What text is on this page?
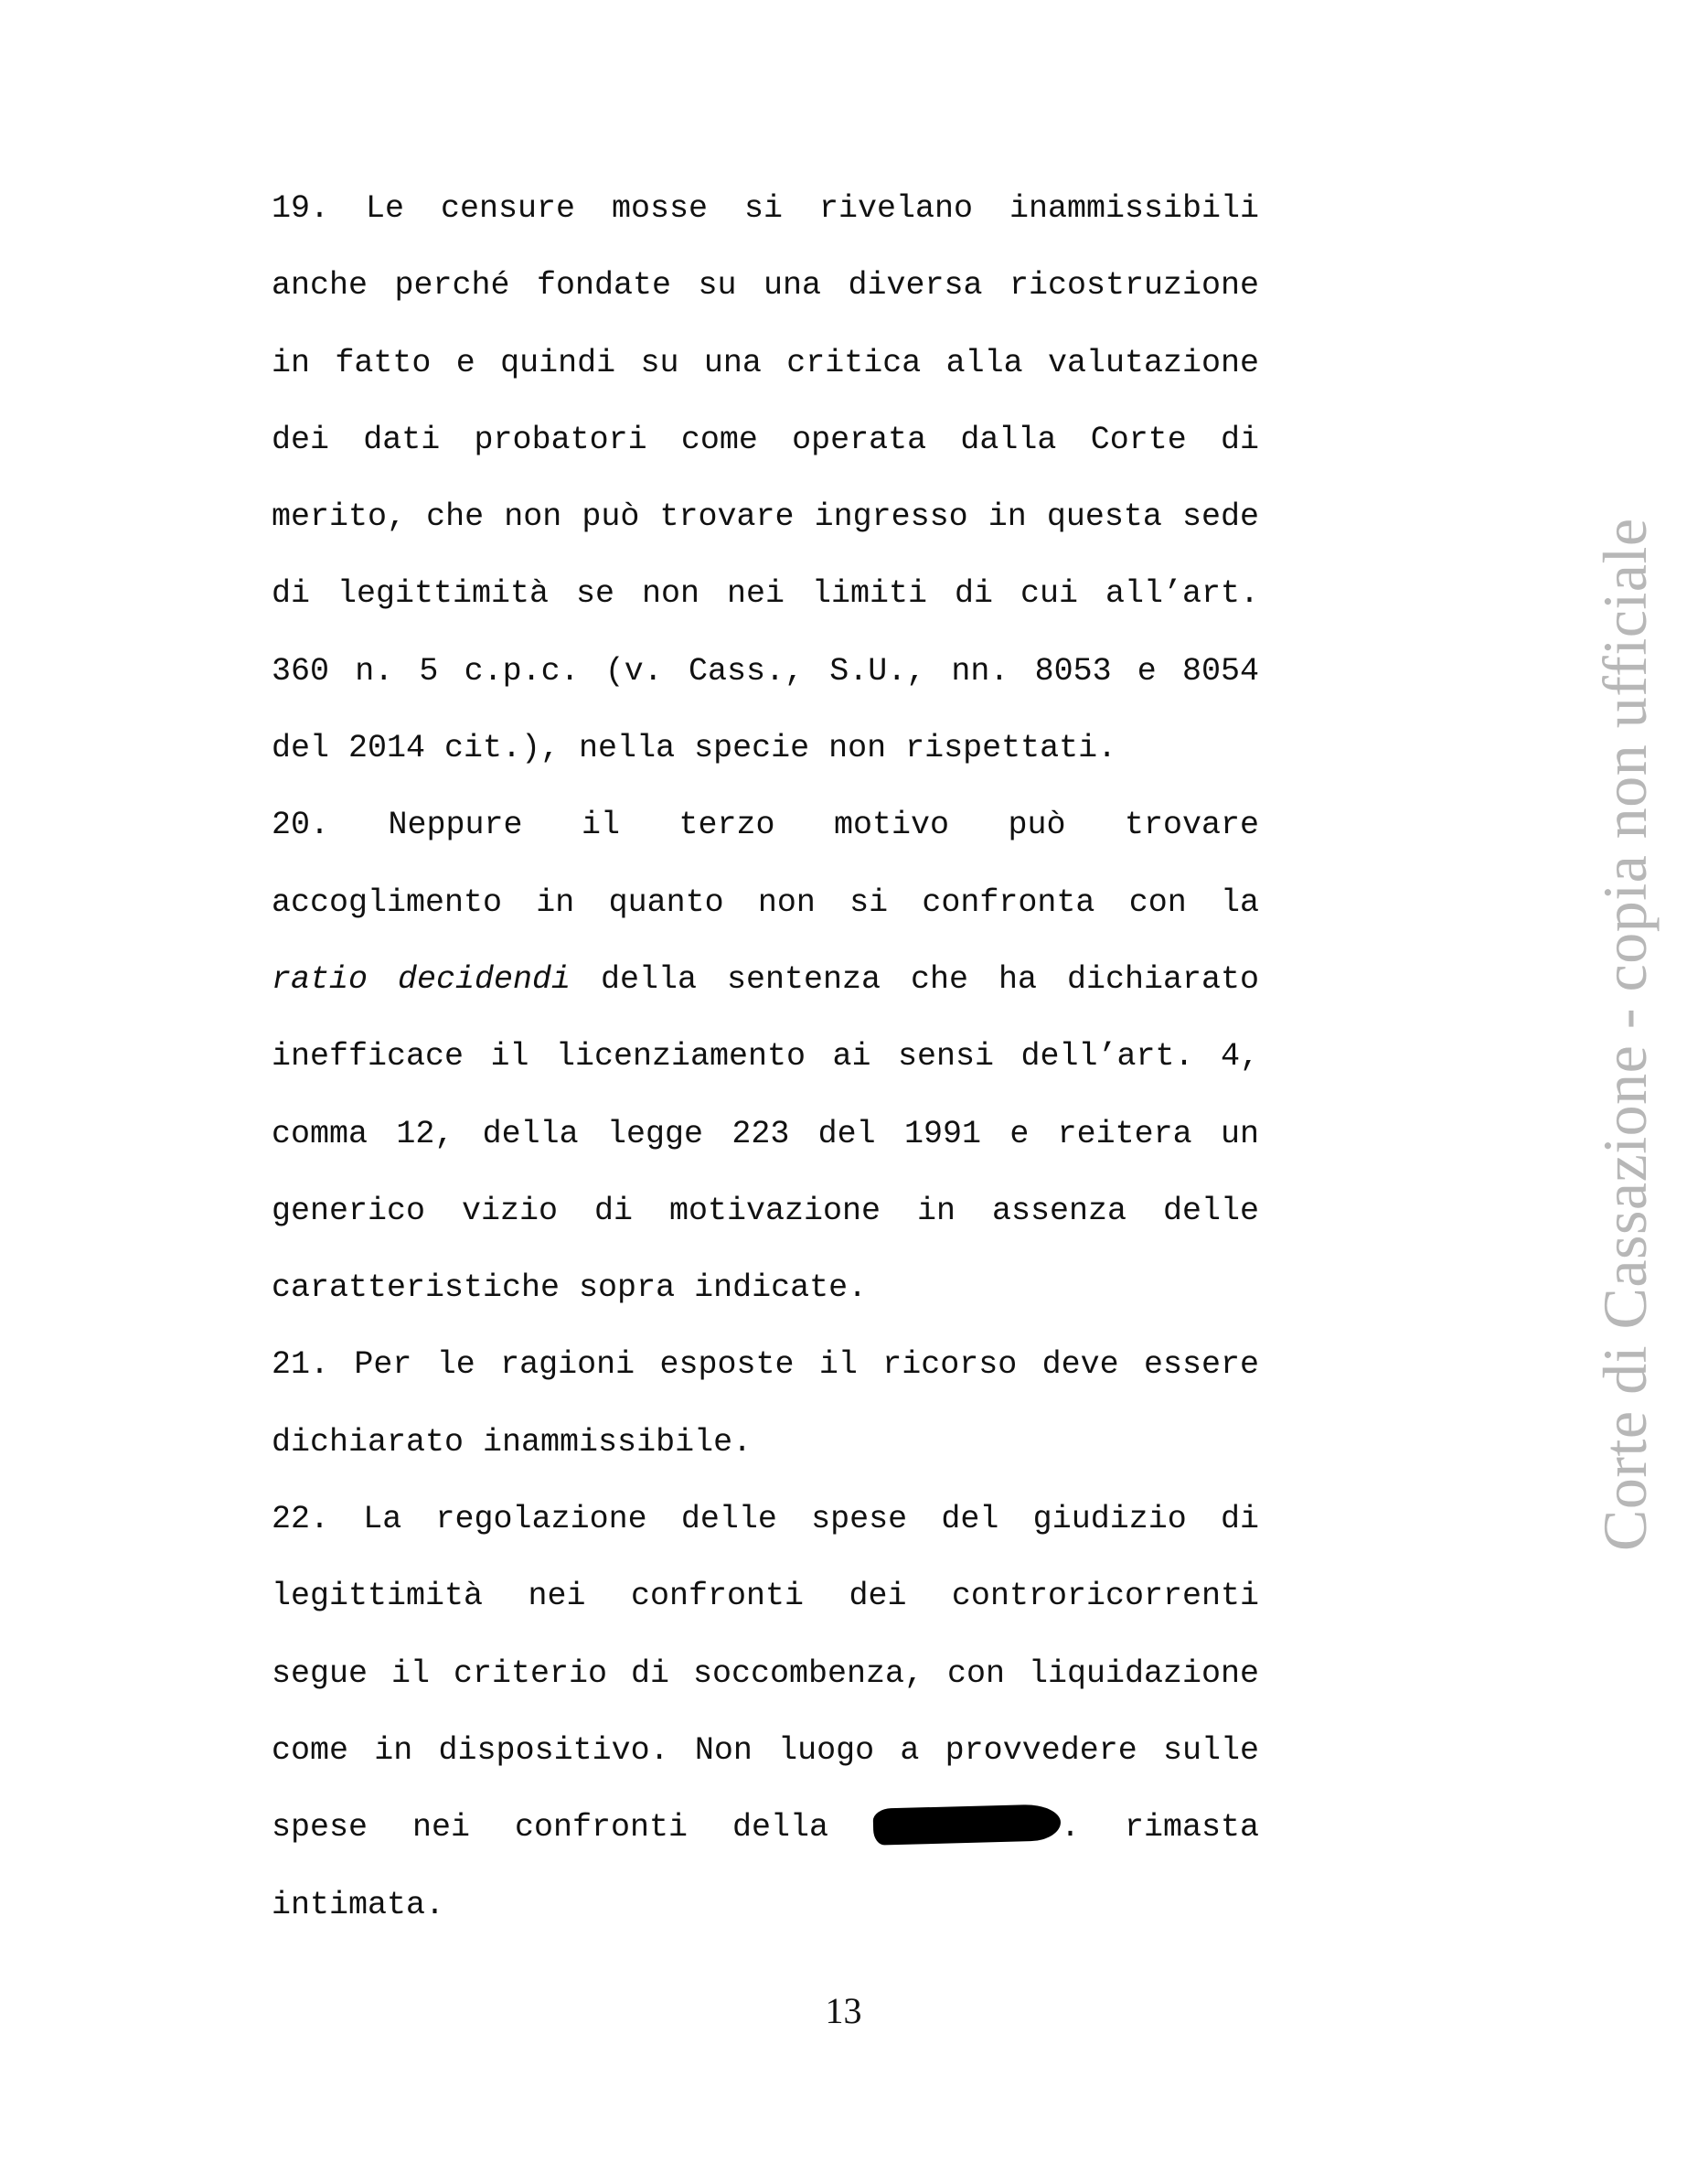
19. Le censure mosse si rivelano inammissibili
anche perché fondate su una diversa ricostruzione
in fatto e quindi su una critica alla valutazione
dei dati probatori come operata dalla Corte di
merito, che non può trovare ingresso in questa sede
di legittimità se non nei limiti di cui all’art.
360 n. 5 c.p.c. (v. Cass., S.U., nn. 8053 e 8054
del 2014 cit.), nella specie non rispettati.
20. Neppure il terzo motivo può trovare
accoglimento in quanto non si confronta con la
ratio decidendi della sentenza che ha dichiarato
inefficace il licenziamento ai sensi dell’art. 4,
comma 12, della legge 223 del 1991 e reitera un
generico vizio di motivazione in assenza delle
caratteristiche sopra indicate.
21. Per le ragioni esposte il ricorso deve essere
dichiarato inammissibile.
22. La regolazione delle spese del giudizio di
legittimità nei confronti dei controricorrenti
segue il criterio di soccombenza, con liquidazione
come in dispositivo. Non luogo a provvedere sulle
spese nei confronti della	. rimasta
intimata.
Corte di Cassazione - copia non ufficiale
13
